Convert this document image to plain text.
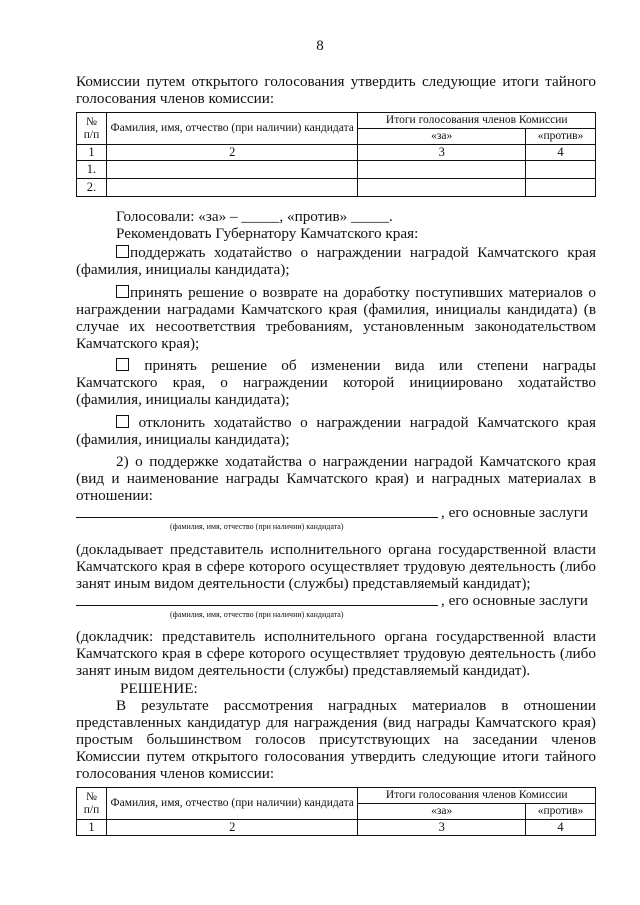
8
Комиссии путем открытого голосования утвердить следующие итоги тайного голосования членов комиссии:
№
п/п	Фамилия, имя, отчество (при наличии) кандидата	Итоги голосования членов Комиссии	
		«за»	«против»
1	2	3	4
1.			
2.			
Голосовали: «за» – _____, «против» _____.
Рекомендовать Губернатору Камчатского края:
поддержать ходатайство о награждении наградой Камчатского края (фамилия, инициалы кандидата);
принять решение о возврате на доработку поступивших материалов о награждении наградами Камчатского края (фамилия, инициалы кандидата) (в случае их несоответствия требованиям, установленным законодательством Камчатского края);
принять решение об изменении вида или степени награды Камчатского края, о награждении которой инициировано ходатайство (фамилия, инициалы кандидата);
отклонить ходатайство о награждении наградой Камчатского края (фамилия, инициалы кандидата);
2) о поддержке ходатайства о награждении наградой Камчатского края (вид и наименование награды Камчатского края) и наградных материалах в отношении:
, его основные заслуги
(фамилия, имя, отчество (при наличии) кандидата)
(докладывает представитель исполнительного органа государственной власти Камчатского края в сфере которого осуществляет трудовую деятельность (либо занят иным видом деятельности (службы) представляемый кандидат);
, его основные заслуги
(фамилия, имя, отчество (при наличии) кандидата)
(докладчик: представитель исполнительного органа государственной власти Камчатского края в сфере которого осуществляет трудовую деятельность (либо занят иным видом деятельности (службы) представляемый кандидат).
РЕШЕНИЕ:
В результате рассмотрения наградных материалов в отношении представленных кандидатур для награждения (вид награды Камчатского края) простым большинством голосов присутствующих на заседании членов Комиссии путем открытого голосования утвердить следующие итоги тайного голосования членов комиссии:
№
п/п	Фамилия, имя, отчество (при наличии) кандидата	Итоги голосования членов Комиссии	
		«за»	«против»
1	2	3	4
